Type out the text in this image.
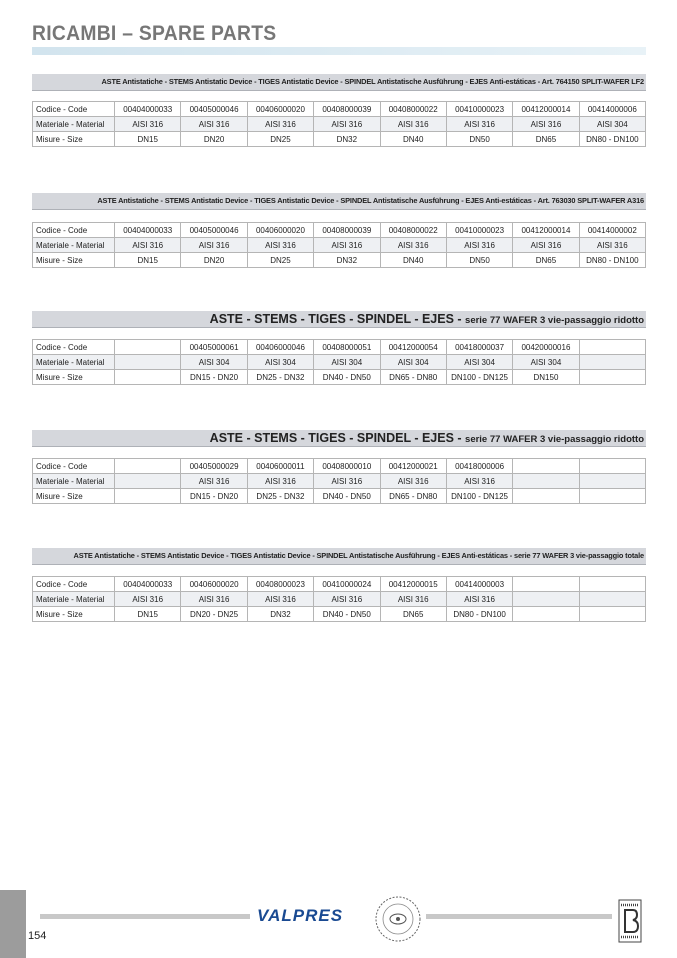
RICAMBI – SPARE PARTS
ASTE Antistatiche - STEMS Antistatic Device - TIGES Antistatic Device - SPINDEL Antistatische Ausführung - EJES Anti-estáticas - Art. 764150 SPLIT-WAFER LF2
Codice - Code	00404000033	00405000046	00406000020	00408000039	00408000022	00410000023	00412000014	00414000006
Materiale - Material	AISI 316	AISI 316	AISI 316	AISI 316	AISI 316	AISI 316	AISI 316	AISI 304
Misure - Size	DN15	DN20	DN25	DN32	DN40	DN50	DN65	DN80 - DN100
ASTE Antistatiche - STEMS Antistatic Device - TIGES Antistatic Device - SPINDEL Antistatische Ausführung - EJES Anti-estáticas - Art. 763030 SPLIT-WAFER A316
Codice - Code	00404000033	00405000046	00406000020	00408000039	00408000022	00410000023	00412000014	00414000002
Materiale - Material	AISI 316	AISI 316	AISI 316	AISI 316	AISI 316	AISI 316	AISI 316	AISI 316
Misure - Size	DN15	DN20	DN25	DN32	DN40	DN50	DN65	DN80 - DN100
ASTE - STEMS - TIGES - SPINDEL - EJES - serie 77 WAFER 3 vie-passaggio ridotto
Codice - Code		00405000061	00406000046	00408000051	00412000054	00418000037	00420000016	
Materiale - Material		AISI 304	AISI 304	AISI 304	AISI 304	AISI 304	AISI 304	
Misure - Size		DN15 - DN20	DN25 - DN32	DN40 - DN50	DN65 - DN80	DN100 - DN125	DN150	
ASTE - STEMS - TIGES - SPINDEL - EJES - serie 77 WAFER 3 vie-passaggio ridotto
Codice - Code		00405000029	00406000011	00408000010	00412000021	00418000006		
Materiale - Material		AISI 316	AISI 316	AISI 316	AISI 316	AISI 316		
Misure - Size		DN15 - DN20	DN25 - DN32	DN40 - DN50	DN65 - DN80	DN100 - DN125		
ASTE Antistatiche - STEMS Antistatic Device - TIGES Antistatic Device - SPINDEL Antistatische Ausführung - EJES Anti-estáticas - serie 77 WAFER 3 vie-passaggio totale
Codice - Code	00404000033	00406000020	00408000023	00410000024	00412000015	00414000003		
Materiale - Material	AISI 316	AISI 316	AISI 316	AISI 316	AISI 316	AISI 316		
Misure - Size	DN15	DN20 - DN25	DN32	DN40 - DN50	DN65	DN80 - DN100		
154
VALPRES
